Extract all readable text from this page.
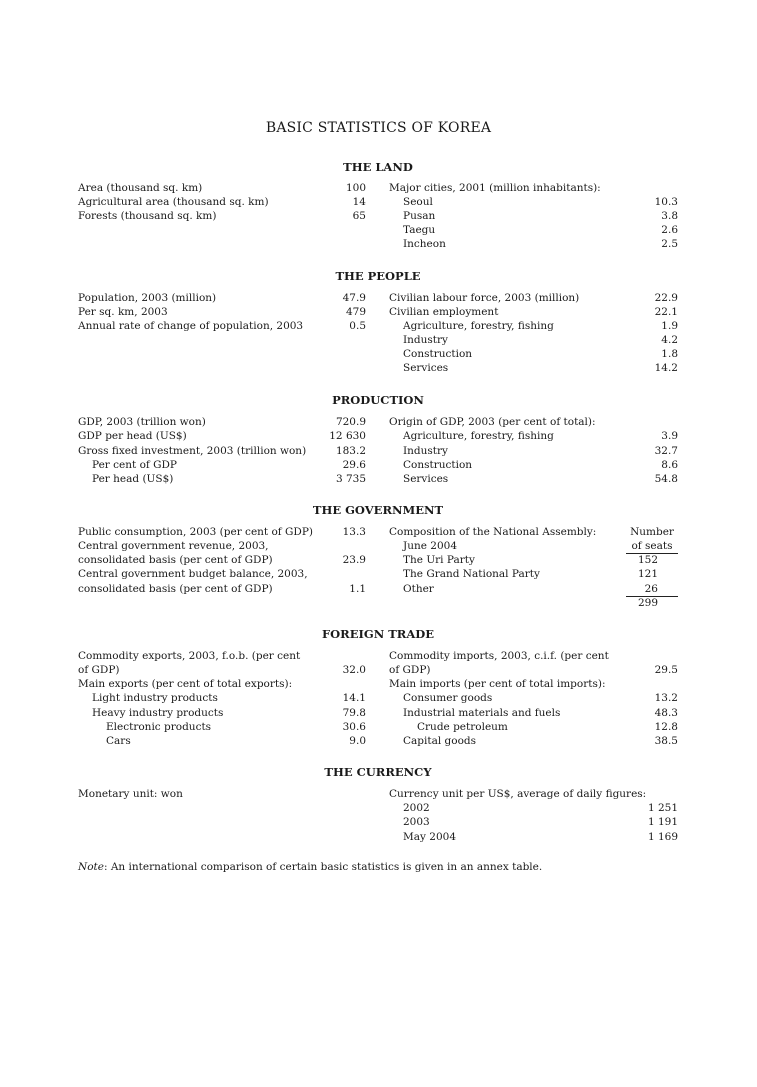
BASIC STATISTICS OF KOREA
THE LAND
Area (thousand sq. km)	100
Agricultural area (thousand sq. km)	14
Forests (thousand sq. km)	65
Major cities, 2001 (million inhabitants):
Seoul	10.3
Pusan	3.8
Taegu	2.6
Incheon	2.5
THE PEOPLE
Population, 2003 (million)	47.9
Per sq. km, 2003	479
Annual rate of change of population, 2003	0.5
Civilian labour force, 2003 (million)	22.9
Civilian employment	22.1
Agriculture, forestry, fishing	1.9
Industry	4.2
Construction	1.8
Services	14.2
PRODUCTION
GDP, 2003 (trillion won)	720.9
GDP per head (US$)	12 630
Gross fixed investment, 2003 (trillion won)	183.2
Per cent of GDP	29.6
Per head (US$)	3 735
Origin of GDP, 2003 (per cent of total):
Agriculture, forestry, fishing	3.9
Industry	32.7
Construction	8.6
Services	54.8
THE GOVERNMENT
Public consumption, 2003 (per cent of GDP)	13.3
Central government revenue, 2003,
consolidated basis (per cent of GDP)	23.9
Central government budget balance, 2003,
consolidated basis (per cent of GDP)	1.1
Composition of the National Assembly:	Number
June 2004	of seats
The Uri Party	152
The Grand National Party	121
Other	26
299
FOREIGN TRADE
Commodity exports, 2003, f.o.b. (per cent
of GDP)	32.0
Main exports (per cent of total exports):
Light industry products	14.1
Heavy industry products	79.8
Electronic products	30.6
Cars	9.0
Commodity imports, 2003, c.i.f. (per cent
of GDP)	29.5
Main imports (per cent of total imports):
Consumer goods	13.2
Industrial materials and fuels	48.3
Crude petroleum	12.8
Capital goods	38.5
THE CURRENCY
Monetary unit: won	Currency unit per US$, average of daily figures:
2002	1 251
2003	1 191
May 2004	1 169
Note: An international comparison of certain basic statistics is given in an annex table.
